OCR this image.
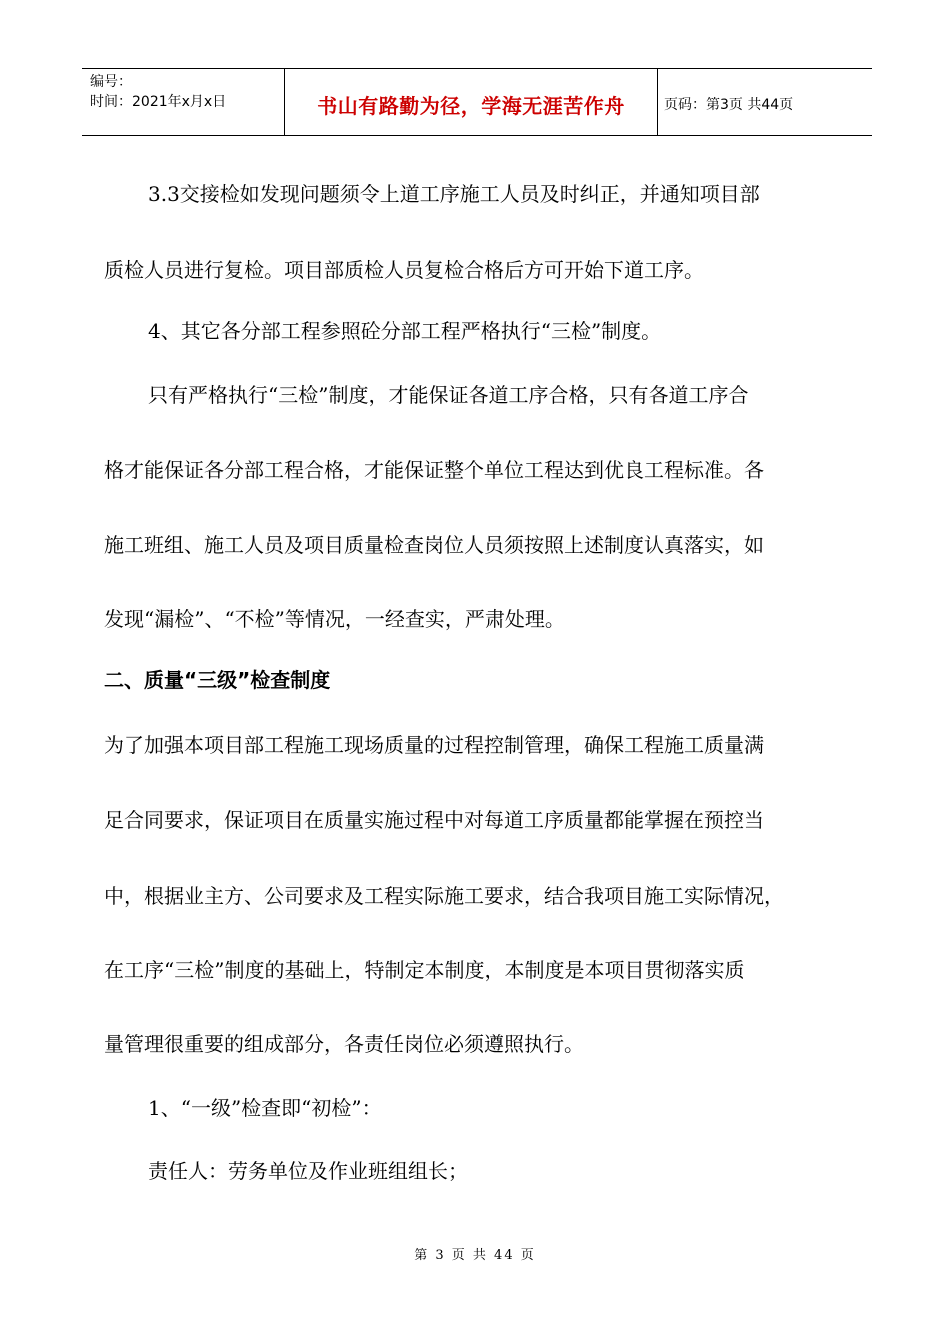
编号：
时间：2021年x月x日	书山有路勤为径，学海无涯苦作舟	页码：第3页 共44页
3.3交接检如发现问题须令上道工序施工人员及时纠正，并通知项目部
质检人员进行复检。项目部质检人员复检合格后方可开始下道工序。
4、其它各分部工程参照砼分部工程严格执行“三检”制度。
只有严格执行“三检”制度，才能保证各道工序合格，只有各道工序合
格才能保证各分部工程合格，才能保证整个单位工程达到优良工程标准。各
施工班组、施工人员及项目质量检查岗位人员须按照上述制度认真落实，如
发现“漏检”、“不检”等情况，一经查实，严肃处理。
二、质量“三级”检查制度
为了加强本项目部工程施工现场质量的过程控制管理，确保工程施工质量满
足合同要求，保证项目在质量实施过程中对每道工序质量都能掌握在预控当
中，根据业主方、公司要求及工程实际施工要求，结合我项目施工实际情况，
在工序“三检”制度的基础上，特制定本制度，本制度是本项目贯彻落实质
量管理很重要的组成部分，各责任岗位必须遵照执行。
1、“一级”检查即“初检”：
责任人：劳务单位及作业班组组长；
第 3 页 共 44 页
